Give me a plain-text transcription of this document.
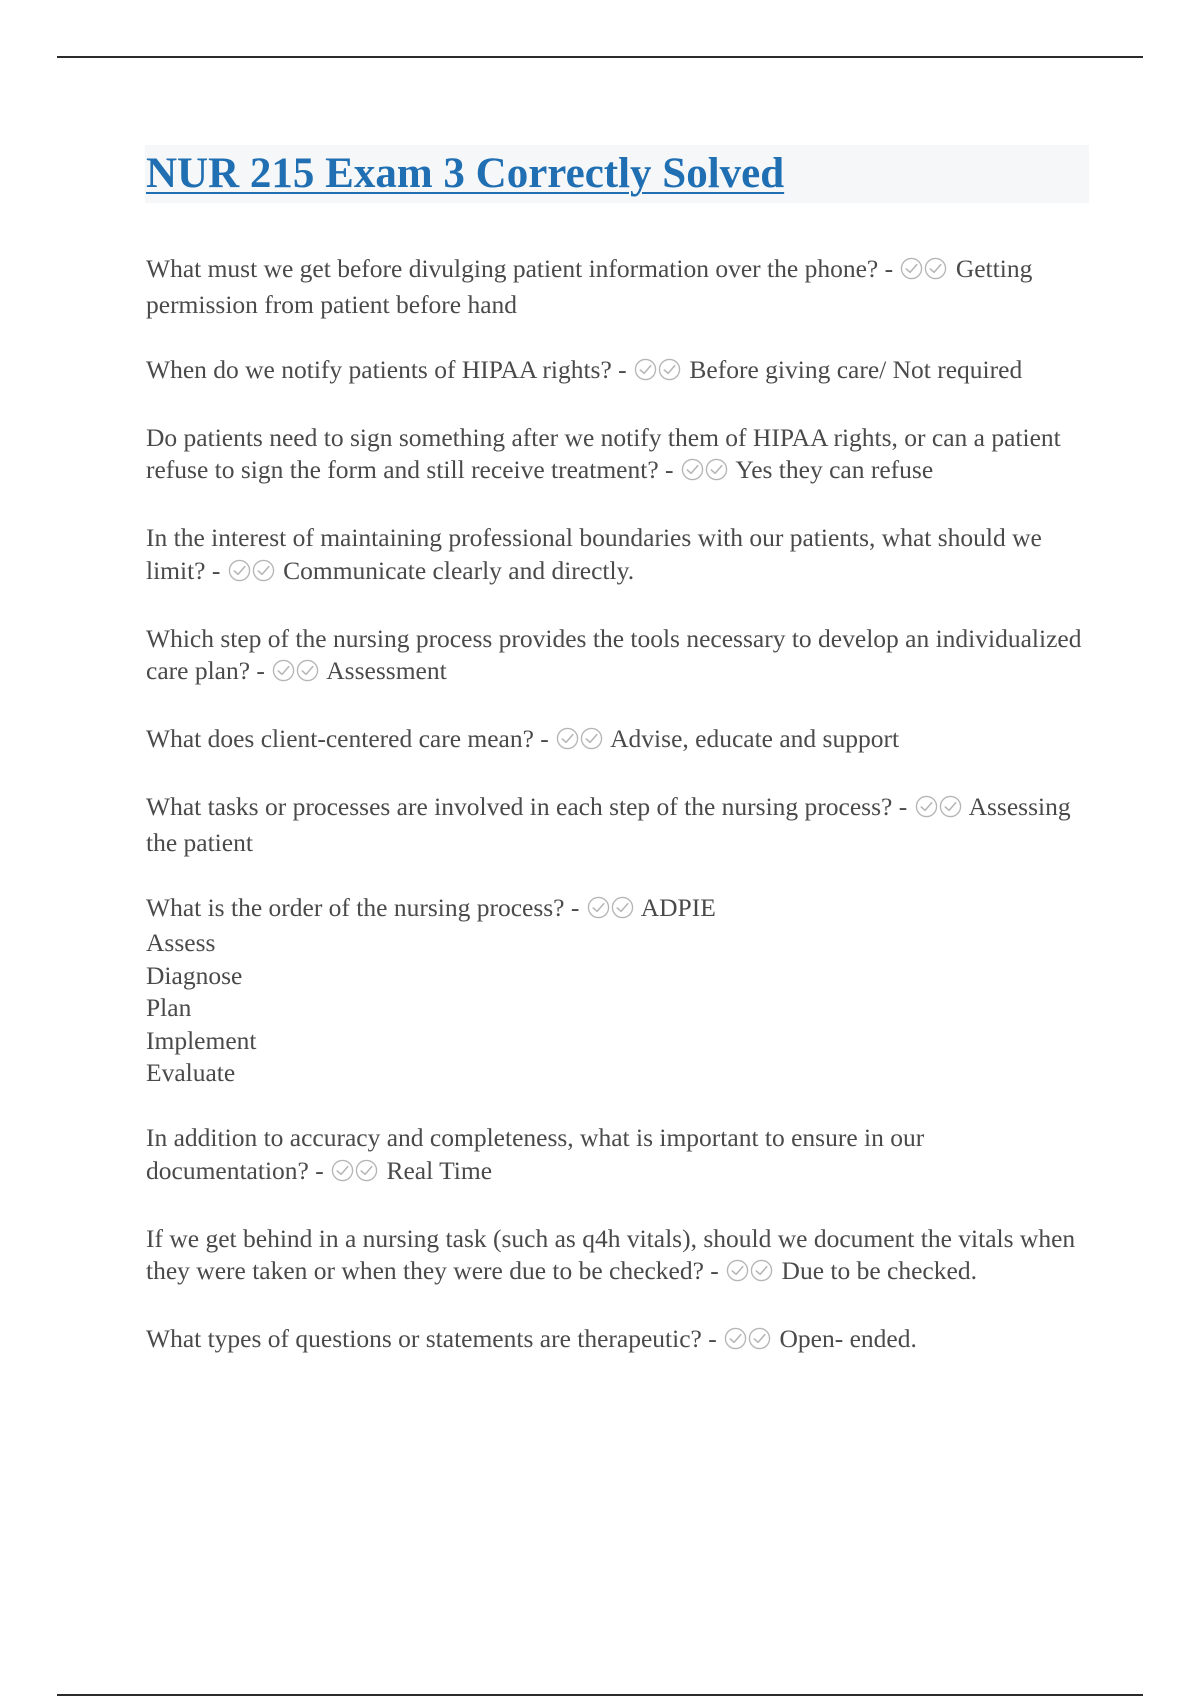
NUR 215 Exam 3 Correctly Solved

What must we get before divulging patient information over the phone? - Getting permission from patient before hand

When do we notify patients of HIPAA rights? - Before giving care/ Not required

Do patients need to sign something after we notify them of HIPAA rights, or can a patient refuse to sign the form and still receive treatment? - Yes they can refuse

In the interest of maintaining professional boundaries with our patients, what should we limit? - Communicate clearly and directly.

Which step of the nursing process provides the tools necessary to develop an individualized care plan? - Assessment

What does client-centered care mean? - Advise, educate and support

What tasks or processes are involved in each step of the nursing process? - Assessing the patient

What is the order of the nursing process? - ADPIE
Assess
Diagnose
Plan
Implement
Evaluate

In addition to accuracy and completeness, what is important to ensure in our documentation? - Real Time

If we get behind in a nursing task (such as q4h vitals), should we document the vitals when they were taken or when they were due to be checked? - Due to be checked.

What types of questions or statements are therapeutic? - Open- ended.
